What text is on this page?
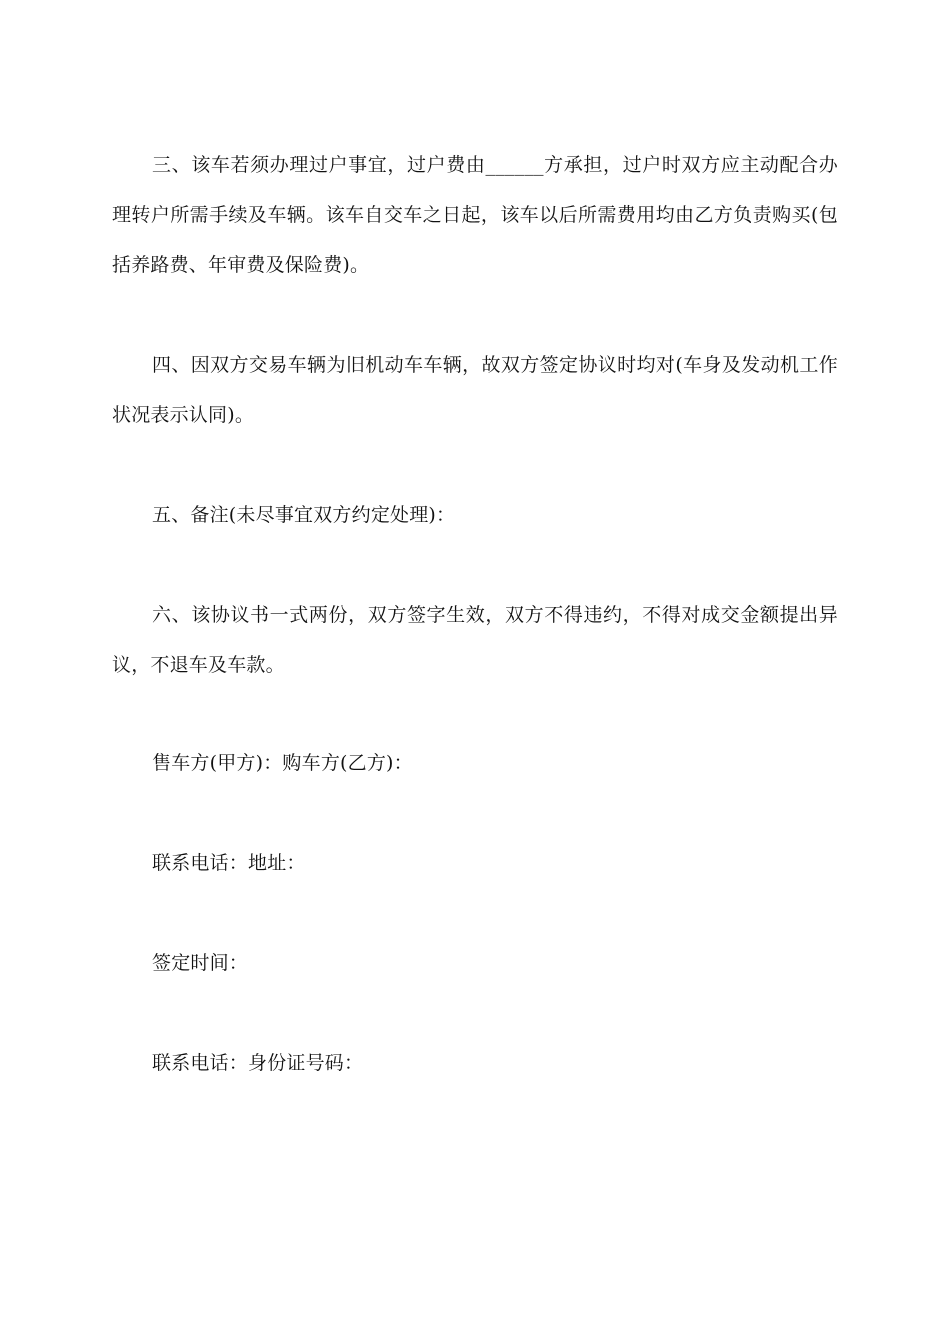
三、该车若须办理过户事宜，过户费由______方承担，过户时双方应主动配合办
理转户所需手续及车辆。该车自交车之日起，该车以后所需费用均由乙方负责购买(包
括养路费、年审费及保险费)。
四、因双方交易车辆为旧机动车车辆，故双方签定协议时均对(车身及发动机工作
状况表示认同)。
五、备注(未尽事宜双方约定处理)：
六、该协议书一式两份，双方签字生效，双方不得违约，不得对成交金额提出异
议，不退车及车款。

售车方(甲方)：购车方(乙方)：

联系电话：地址：

签定时间：

联系电话：身份证号码：
